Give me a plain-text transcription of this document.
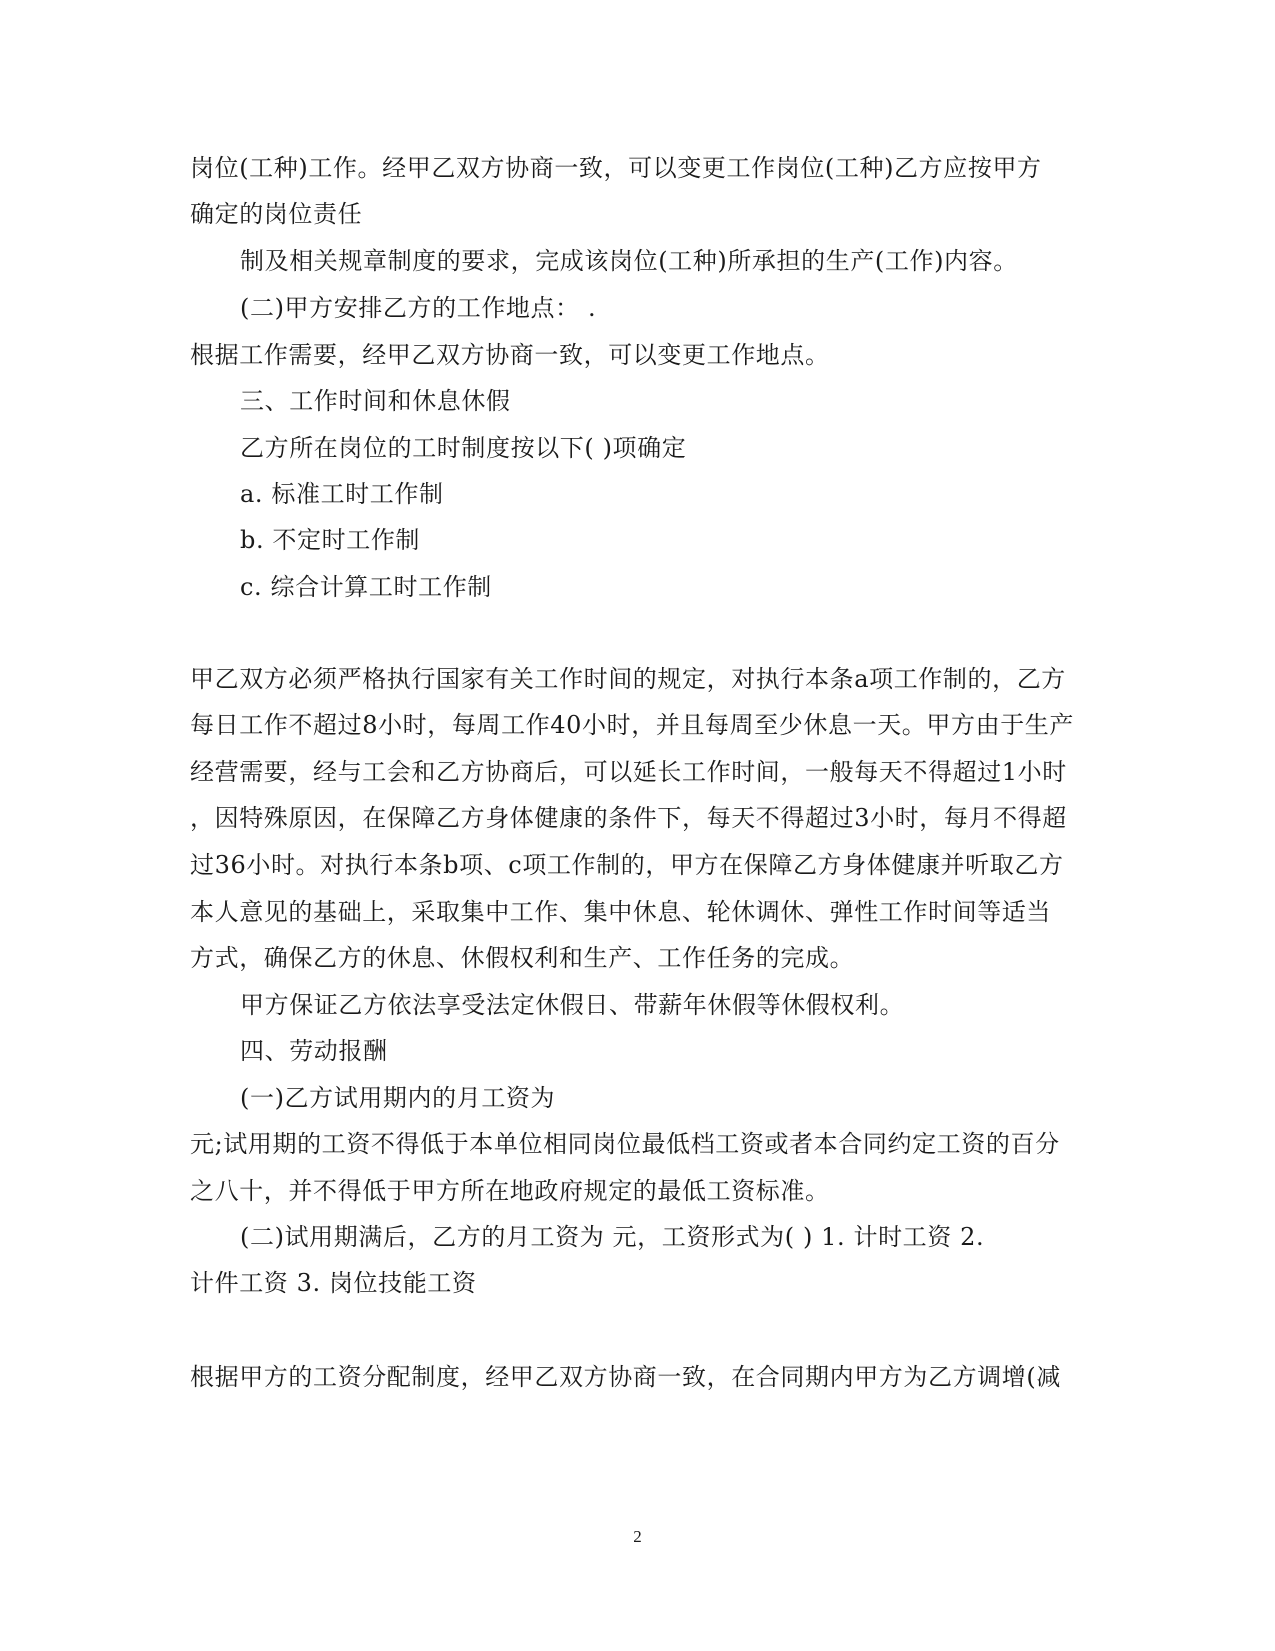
岗位(工种)工作。经甲乙双方协商一致，可以变更工作岗位(工种)乙方应按甲方
确定的岗位责任
制及相关规章制度的要求，完成该岗位(工种)所承担的生产(工作)内容。
(二)甲方安排乙方的工作地点： .
根据工作需要，经甲乙双方协商一致，可以变更工作地点。
三、工作时间和休息休假
乙方所在岗位的工时制度按以下( )项确定
a. 标准工时工作制
b. 不定时工作制
c. 综合计算工时工作制
甲乙双方必须严格执行国家有关工作时间的规定，对执行本条a项工作制的，乙方
每日工作不超过8小时，每周工作40小时，并且每周至少休息一天。甲方由于生产
经营需要，经与工会和乙方协商后，可以延长工作时间，一般每天不得超过1小时
，因特殊原因，在保障乙方身体健康的条件下，每天不得超过3小时，每月不得超
过36小时。对执行本条b项、c项工作制的，甲方在保障乙方身体健康并听取乙方
本人意见的基础上，采取集中工作、集中休息、轮休调休、弹性工作时间等适当
方式，确保乙方的休息、休假权利和生产、工作任务的完成。
甲方保证乙方依法享受法定休假日、带薪年休假等休假权利。
四、劳动报酬
(一)乙方试用期内的月工资为
元;试用期的工资不得低于本单位相同岗位最低档工资或者本合同约定工资的百分
之八十，并不得低于甲方所在地政府规定的最低工资标准。
(二)试用期满后，乙方的月工资为 元，工资形式为( ) 1. 计时工资 2.
计件工资 3. 岗位技能工资
根据甲方的工资分配制度，经甲乙双方协商一致，在合同期内甲方为乙方调增(减
2
